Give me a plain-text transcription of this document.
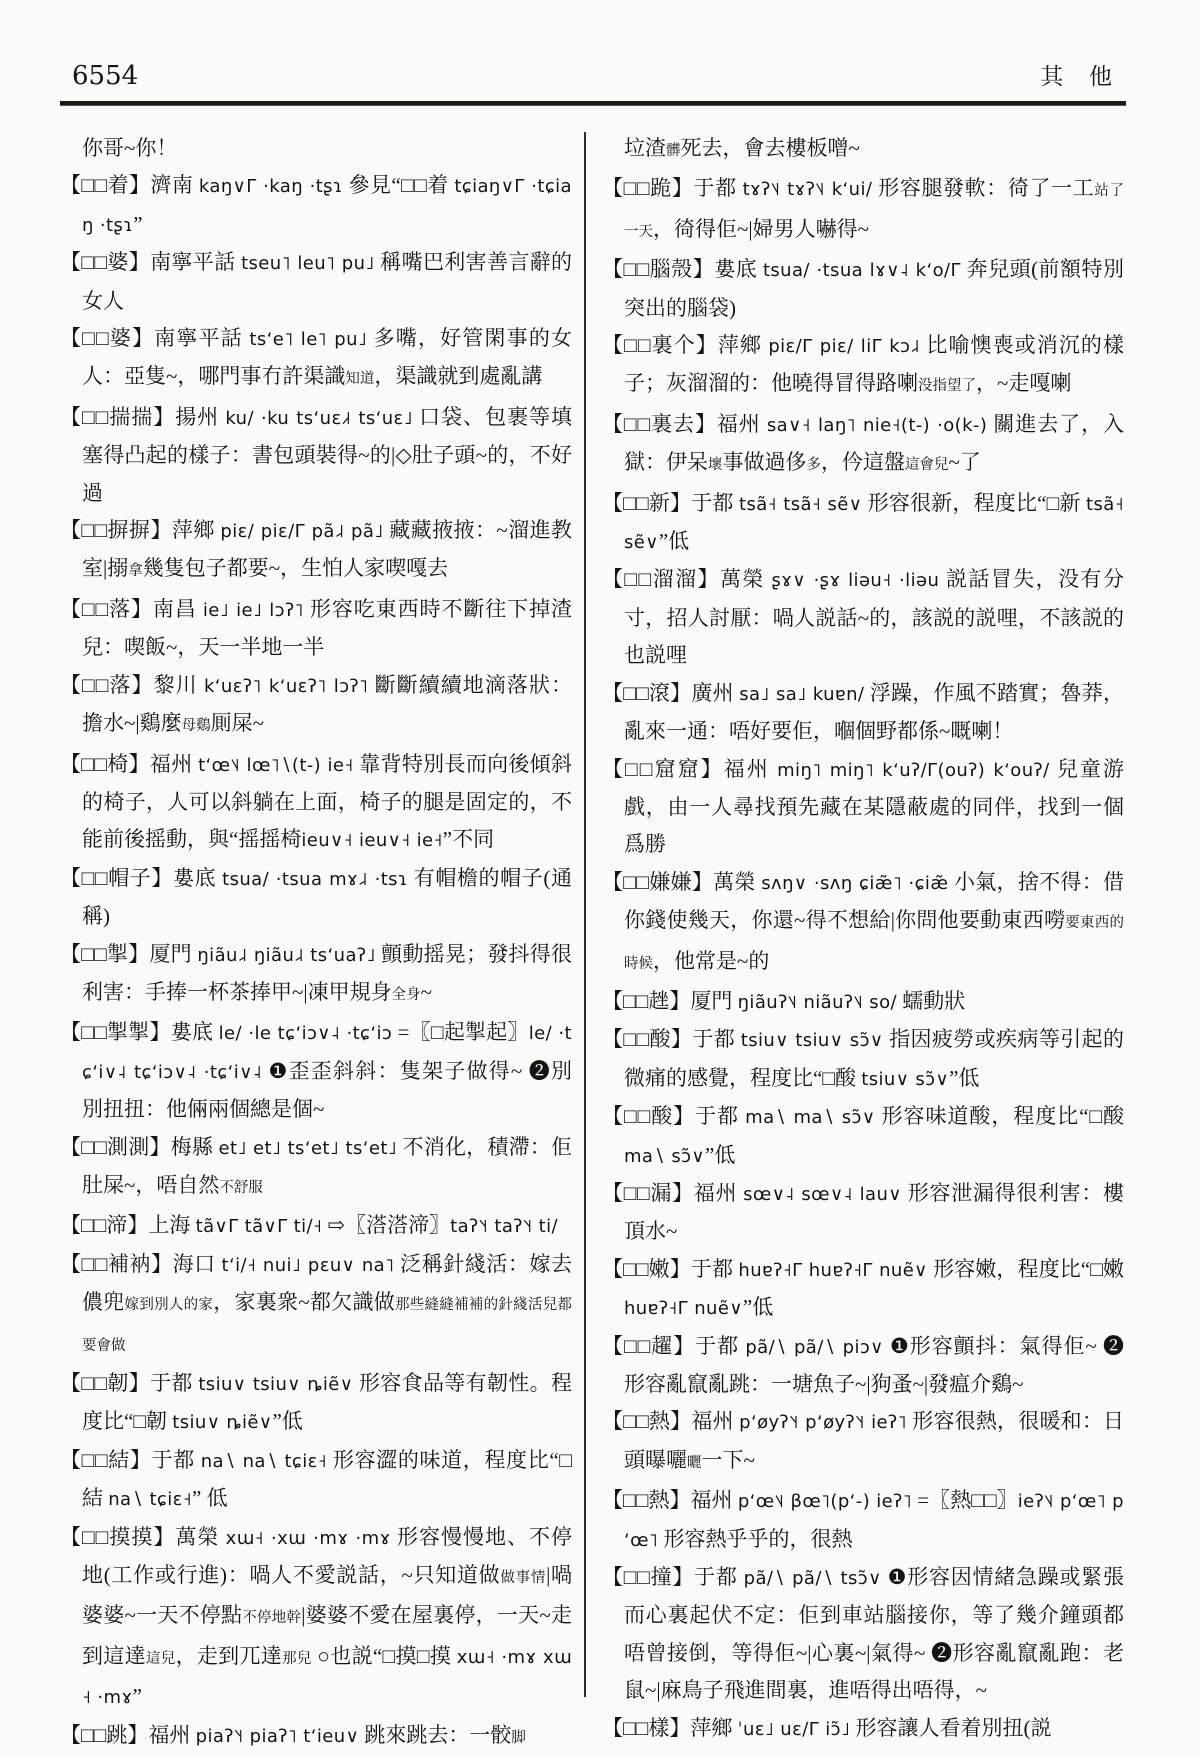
6554	其 他

你哥~你！

【□□着】濟南 kaŋ∨Γ ·kaŋ ·tʂɿ 參見“□□着 tɕiaŋ∨Γ ·tɕiaŋ ·tʂɿ”

【□□婆】南寧平話 tseu˥ leu˥ pu˩ 稱嘴巴利害善言辭的女人

【□□婆】南寧平話 tsʻe˥ le˥ pu˩ 多嘴，好管閑事的女人：亞隻~，哪門事冇許渠識知道，渠識就到處亂講

【□□揣揣】揚州 ku∕ ·ku tsʻuɛ˩˧ tsʻuɛ˩ 口袋、包裹等填塞得凸起的樣子：書包頭裝得~的|◇肚子頭~的，不好過

【□□摒摒】萍鄉 piɛ∕ piɛ∕Γ pã˩˨ pã˩ 藏藏掖掖：~溜進教室|搦拿幾隻包子都要~，生怕人家喫嘎去

【□□落】南昌 ie˩ ie˩ lɔʔ˥ 形容吃東西時不斷往下掉渣兒：喫飯~，天一半地一半

【□□落】黎川 kʻuɛʔ˥ kʻuɛʔ˥ lɔʔ˥ 斷斷續續地滴落狀：擔水~|鷄麼母鷄厠屎~

【□□椅】福州 tʻœ˥˨ lœ˥∖(t-) ie˧ 靠背特別長而向後傾斜的椅子，人可以斜躺在上面，椅子的腿是固定的，不能前後摇動，與“摇摇椅ieu∨˧ ieu∨˧ ie˧”不同

【□□帽子】婁底 tsua∕ ·tsua mɤ˩˨ ·tsɿ 有帽檐的帽子(通稱)

【□□掣】厦門 ŋiãu˩˨ ŋiãu˩˨ tsʻuaʔ˩ 顫動摇晃；發抖得很利害：手捧一杯茶捧甲~|凍甲規身全身~

【□□掣掣】婁底 le∕ ·le tɕʻiɔ∨˨ ·tɕʻiɔ =〖□起掣起〗le∕ ·tɕʻi∨˨ tɕʻiɔ∨˨ ·tɕʻi∨˨ ❶歪歪斜斜：隻架子做得~ ❷別別扭扭：他倆兩個總是個~

【□□測測】梅縣 et˩ et˩ tsʻet˩ tsʻet˩ 不消化，積滯：佢肚屎~，唔自然不舒服

【□□渧】上海 tã∨Γ tã∨Γ ti∕˧ ⇨〖溚溚渧〗taʔ˥˧ taʔ˥˧ ti∕

【□□補衲】海口 tʻi∕˧ nui˩ pɛu∨ na˥ 泛稱針綫活：嫁去儂兜嫁到別人的家，家裏衆~都欠識做那些縫縫補補的針綫活兒都要會做

【□□韌】于都 tsiu∨ tsiu∨ ȵiẽ∨ 形容食品等有韌性。程度比“□韌 tsiu∨ ȵiẽ∨”低

【□□結】于都 na∖ na∖ tɕiɛ˧ 形容澀的味道，程度比“□結 na∖ tɕiɛ˧” 低

【□□摸摸】萬榮 xɯ˧ ·xɯ ·mɤ ·mɤ 形容慢慢地、不停地(工作或行進)：喎人不愛説話，~只知道做做事情|喎婆婆~一天不停點不停地幹|婆婆不愛在屋裏停，一天~走到這達這兒，走到兀達那兒 ○也説“□摸□摸 xɯ˧ ·mɤ xɯ˧ ·mɤ”

【□□跳】福州 piaʔ˥˧ piaʔ˥ tʻieu∨ 跳來跳去：一骹脚

垃渣髒死去，會去樓板噌~

【□□跪】于都 tɤʔ˥˨ tɤʔ˥˨ kʻui∕ 形容腿發軟：徛了一工站了一天，徛得佢~|婦男人嚇得~

【□□腦殼】婁底 tsua∕ ·tsua lɤ∨˨ kʻo∕Γ 奔兒頭(前額特別突出的腦袋)

【□□裏个】萍鄉 piɛ∕Γ piɛ∕ liΓ kɔ˩˨ 比喻懊喪或消沉的樣子；灰溜溜的：他曉得冒得路喇没指望了，~走嘎喇

【□□裏去】福州 sa∨˧ laŋ˥ nie˧(t-) ·o(k-) 關進去了，入獄：伊呆壞事做過侈多，仱這盤這會兒~了

【□□新】于都 tsã˧ tsã˧ sẽ∨ 形容很新，程度比“□新 tsã˧ sẽ∨”低

【□□溜溜】萬榮 ʂɤ∨ ·ʂɤ liəu˧ ·liəu 説話冒失，没有分寸，招人討厭：喎人説話~的，該説的説哩，不該説的也説哩

【□□滾】廣州 sa˩ sa˩ kuɐn∕ 浮躁，作風不踏實；魯莽，亂來一通：唔好要佢，嗰個野都係~嘅喇！

【□□窟窟】福州 miŋ˥ miŋ˥ kʻuʔ∕Γ(ouʔ) kʻouʔ∕ 兒童游戲，由一人尋找預先藏在某隱蔽處的同伴，找到一個爲勝

【□□嫌嫌】萬榮 sʌŋ∨ ·sʌŋ ɕiæ̃˥ ·ɕiæ̃ 小氣，捨不得：借你錢使幾天，你還~得不想給|你問他要動東西嘮要東西的時候，他常是~的

【□□趖】厦門 ŋiãuʔ˥˨ niãuʔ˥˨ so∕ 蠕動狀

【□□酸】于都 tsiu∨ tsiu∨ sɔ̃∨ 指因疲勞或疾病等引起的微痛的感覺，程度比“□酸 tsiu∨ sɔ̃∨”低

【□□酸】于都 ma∖ ma∖ sɔ̃∨ 形容味道酸，程度比“□酸 ma∖ sɔ̃∨”低

【□□漏】福州 sœ∨˨ sœ∨˨ lau∨ 形容泄漏得很利害：樓頂水~

【□□嫩】于都 huɐʔ˧Γ huɐʔ˧Γ nuẽ∨ 形容嫩，程度比“□嫩 huɐʔ˧Γ nuẽ∨”低

【□□趯】于都 pã∕∖ pã∕∖ piɔ∨ ❶形容顫抖：氣得佢~ ❷形容亂竄亂跳：一塘魚子~|狗蚤~|發瘟介鷄~

【□□熱】福州 pʻøyʔ˥˧ pʻøyʔ˥˧ ieʔ˥ 形容很熱，很暖和：日頭曝囇曬一下~

【□□熱】福州 pʻœ˥˨ βœ˥(pʻ-) ieʔ˥ =〖熱□□〗ieʔ˥˨ pʻœ˥ pʻœ˥ 形容熱乎乎的，很熱

【□□撞】于都 pã∕∖ pã∕∖ tsɔ̃∨ ❶形容因情緒急躁或緊張而心裏起伏不定：佢到車站腦接你，等了幾介鐘頭都唔曾接倒，等得佢~|心裏~|氣得~ ❷形容亂竄亂跑：老鼠~|麻鳥子飛進間裏，進唔得出唔得，~

【□□樣】萍鄉 ˈuɛ˩ uɛ∕Γ iɔ̃˩ 形容讓人看着別扭(説
